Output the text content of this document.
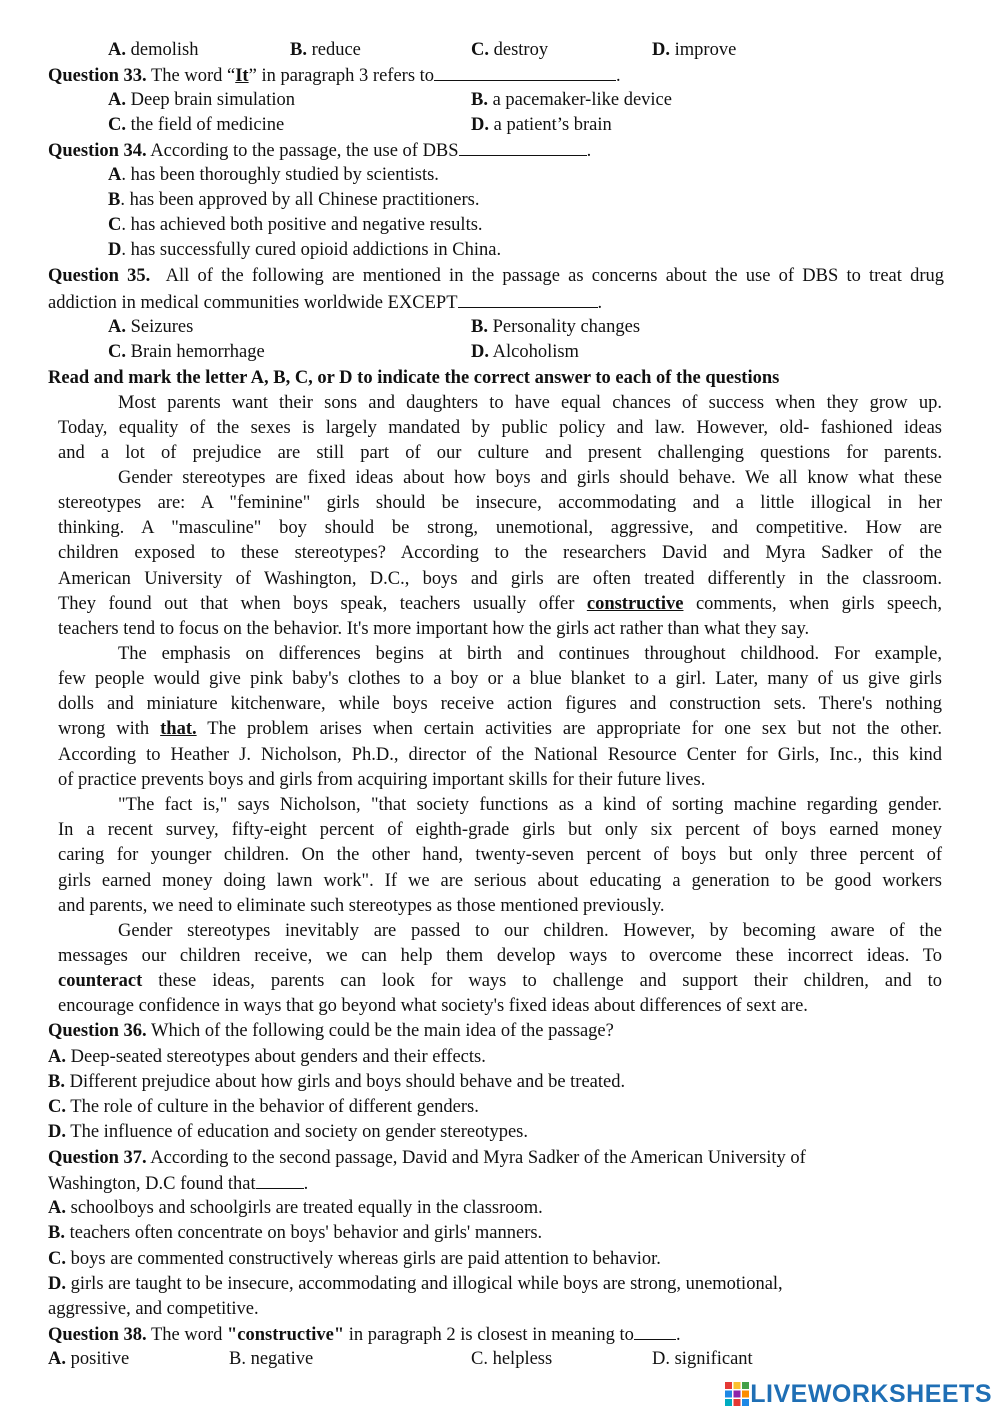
A. demolish	B. reduce	C. destroy	D. improve
Question 33. The word “It” in paragraph 3 refers to	.
A. Deep brain simulation	B. a pacemaker-like device
C. the field of medicine	D. a patient’s brain
Question 34. According to the passage, the use of DBS	.
A. has been thoroughly studied by scientists.
B. has been approved by all Chinese practitioners.
C. has achieved both positive and negative results.
D. has successfully cured opioid addictions in China.
Question 35. All of the following are mentioned in the passage as concerns about the use of DBS to treat drug
addiction in medical communities worldwide EXCEPT	.
A. Seizures	B. Personality changes
C. Brain hemorrhage	D. Alcoholism
Read and mark the letter A, B, C, or D to indicate the correct answer to each of the questions
Most parents want their sons and daughters to have equal chances of success when they grow up.
Today, equality of the sexes is largely mandated by public policy and law. However, old- fashioned ideas
and a lot of prejudice are still part of our culture and present challenging questions for parents.
Gender stereotypes are fixed ideas about how boys and girls should behave. We all know what these
stereotypes are: A "feminine" girls should be insecure, accommodating and a little illogical in her
thinking. A "masculine" boy should be strong, unemotional, aggressive, and competitive. How are
children exposed to these stereotypes? According to the researchers David and Myra Sadker of the
American University of Washington, D.C., boys and girls are often treated differently in the classroom.
They found out that when boys speak, teachers usually offer constructive comments, when girls speech,
teachers tend to focus on the behavior. It's more important how the girls act rather than what they say.
The emphasis on differences begins at birth and continues throughout childhood. For example,
few people would give pink baby's clothes to a boy or a blue blanket to a girl. Later, many of us give girls
dolls and miniature kitchenware, while boys receive action figures and construction sets. There's nothing
wrong with that. The problem arises when certain activities are appropriate for one sex but not the other.
According to Heather J. Nicholson, Ph.D., director of the National Resource Center for Girls, Inc., this kind
of practice prevents boys and girls from acquiring important skills for their future lives.
"The fact is," says Nicholson, "that society functions as a kind of sorting machine regarding gender.
In a recent survey, fifty-eight percent of eighth-grade girls but only six percent of boys earned money
caring for younger children. On the other hand, twenty-seven percent of boys but only three percent of
girls earned money doing lawn work". If we are serious about educating a generation to be good workers
and parents, we need to eliminate such stereotypes as those mentioned previously.
Gender stereotypes inevitably are passed to our children. However, by becoming aware of the
messages our children receive, we can help them develop ways to overcome these incorrect ideas. To
counteract these ideas, parents can look for ways to challenge and support their children, and to
encourage confidence in ways that go beyond what society's fixed ideas about differences of sext are.
Question 36. Which of the following could be the main idea of the passage?
A. Deep-seated stereotypes about genders and their effects.
B. Different prejudice about how girls and boys should behave and be treated.
C. The role of culture in the behavior of different genders.
D. The influence of education and society on gender stereotypes.
Question 37. According to the second passage, David and Myra Sadker of the American University of
Washington, D.C found that	.
A. schoolboys and schoolgirls are treated equally in the classroom.
B. teachers often concentrate on boys' behavior and girls' manners.
C. boys are commented constructively whereas girls are paid attention to behavior.
D. girls are taught to be insecure, accommodating and illogical while boys are strong, unemotional,
aggressive, and competitive.
Question 38. The word "constructive" in paragraph 2 is closest in meaning to .
A. positive	B. negative	C. helpless	D. significant
LIVEWORKSHEETS
